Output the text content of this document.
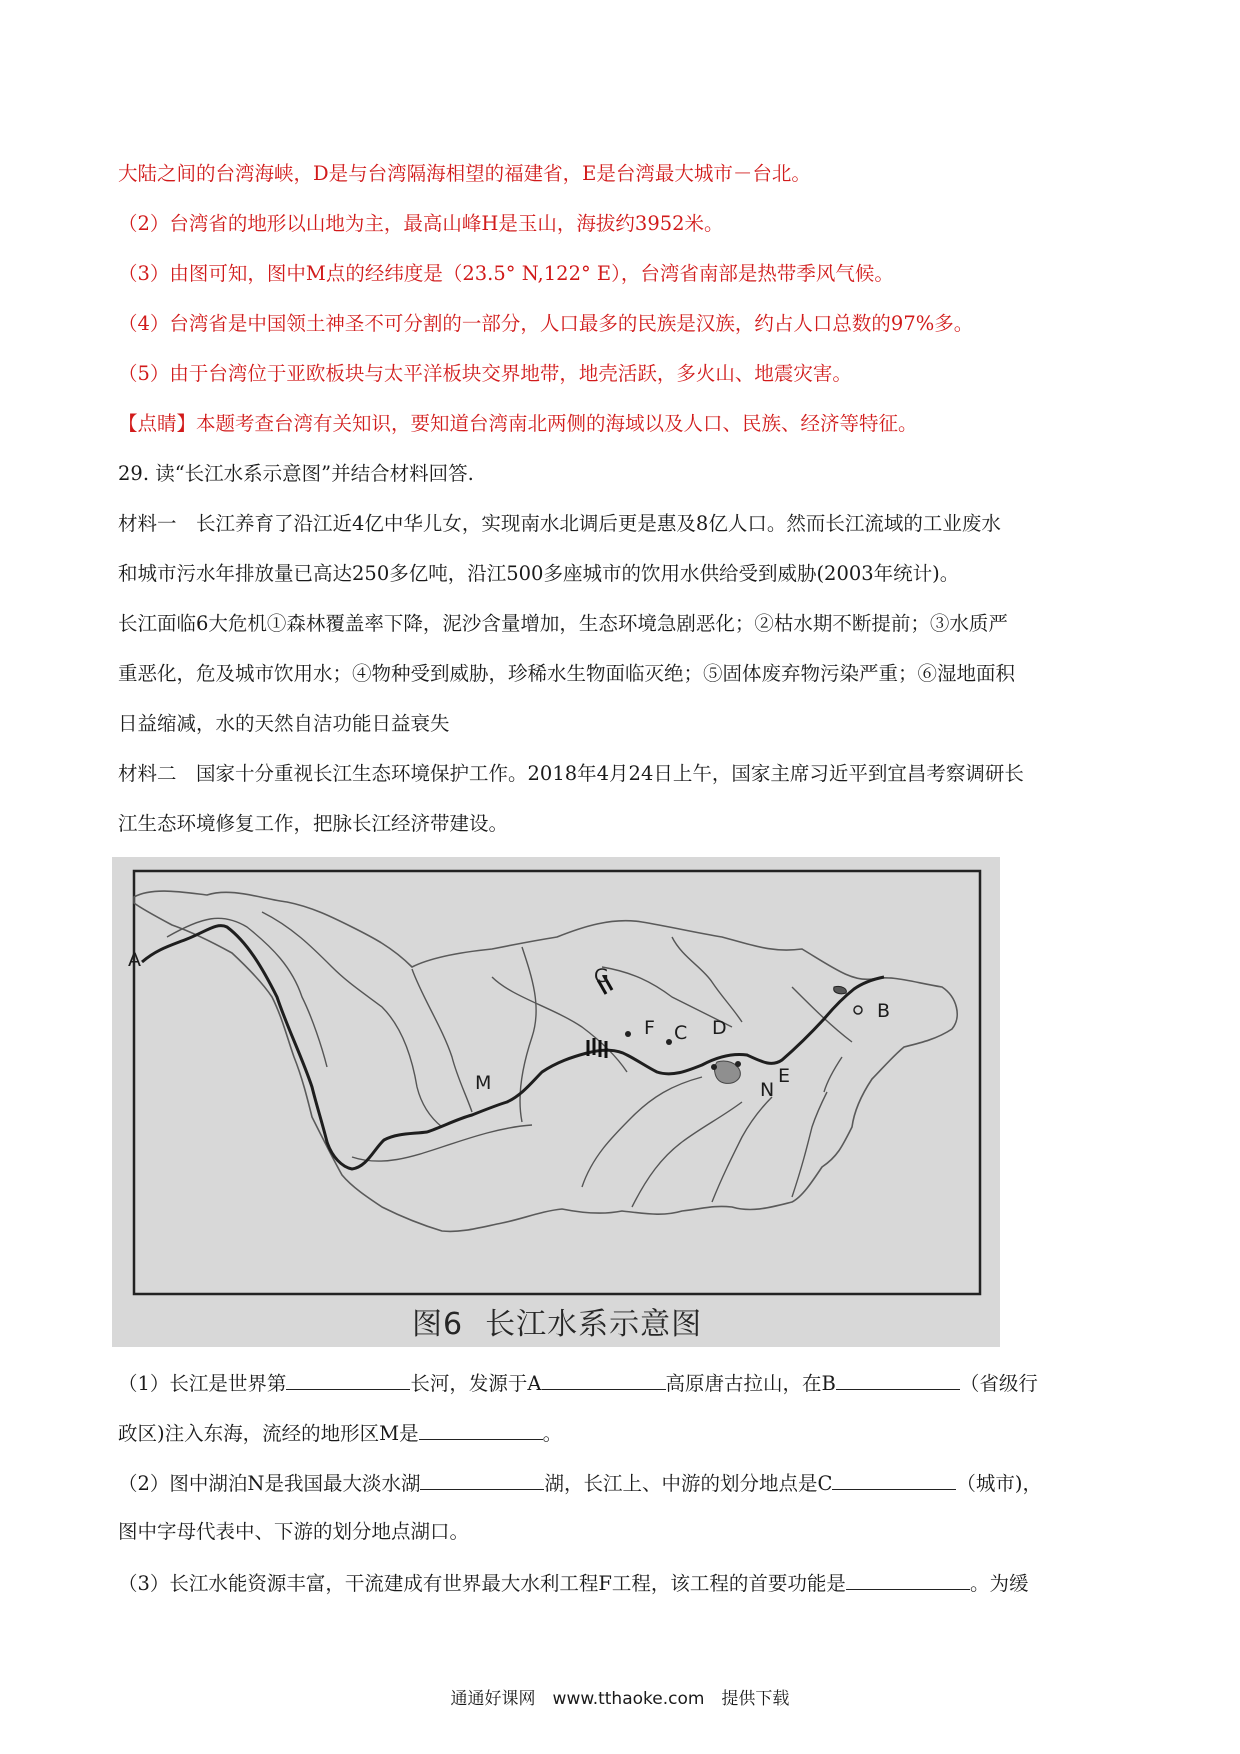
大陆之间的台湾海峡，D是与台湾隔海相望的福建省，E是台湾最大城市－台北。
（2）台湾省的地形以山地为主，最高山峰H是玉山，海拔约3952米。
（3）由图可知，图中M点的经纬度是（23.5° N,122° E），台湾省南部是热带季风气候。
（4）台湾省是中国领土神圣不可分割的一部分，人口最多的民族是汉族，约占人口总数的97%多。
（5）由于台湾位于亚欧板块与太平洋板块交界地带，地壳活跃，多火山、地震灾害。
【点睛】本题考查台湾有关知识，要知道台湾南北两侧的海域以及人口、民族、经济等特征。
29. 读“长江水系示意图”并结合材料回答.
材料一　长江养育了沿江近4亿中华儿女，实现南水北调后更是惠及8亿人口。然而长江流域的工业废水
和城市污水年排放量已高达250多亿吨，沿江500多座城市的饮用水供给受到威胁(2003年统计)。
长江面临6大危机①森林覆盖率下降，泥沙含量增加，生态环境急剧恶化；②枯水期不断提前；③水质严
重恶化，危及城市饮用水；④物种受到威胁，珍稀水生物面临灭绝；⑤固体废弃物污染严重；⑥湿地面积
日益缩减，水的天然自洁功能日益衰失
材料二　国家十分重视长江生态环境保护工作。2018年4月24日上午，国家主席习近平到宜昌考察调研长
江生态环境修复工作，把脉长江经济带建设。
A
G
F C D
M	N
E
B
图6 长江水系示意图
（1）长江是世界第	长河，发源于A	高原唐古拉山，在B	（省级行
政区)注入东海，流经的地形区M是	。
（2）图中湖泊N是我国最大淡水湖	湖，长江上、中游的划分地点是C	（城市)，
图中字母代表中、下游的划分地点湖口。
（3）长江水能资源丰富，干流建成有世界最大水利工程F工程，该工程的首要功能是	。为缓
通通好课网　www.tthaoke.com　提供下载
